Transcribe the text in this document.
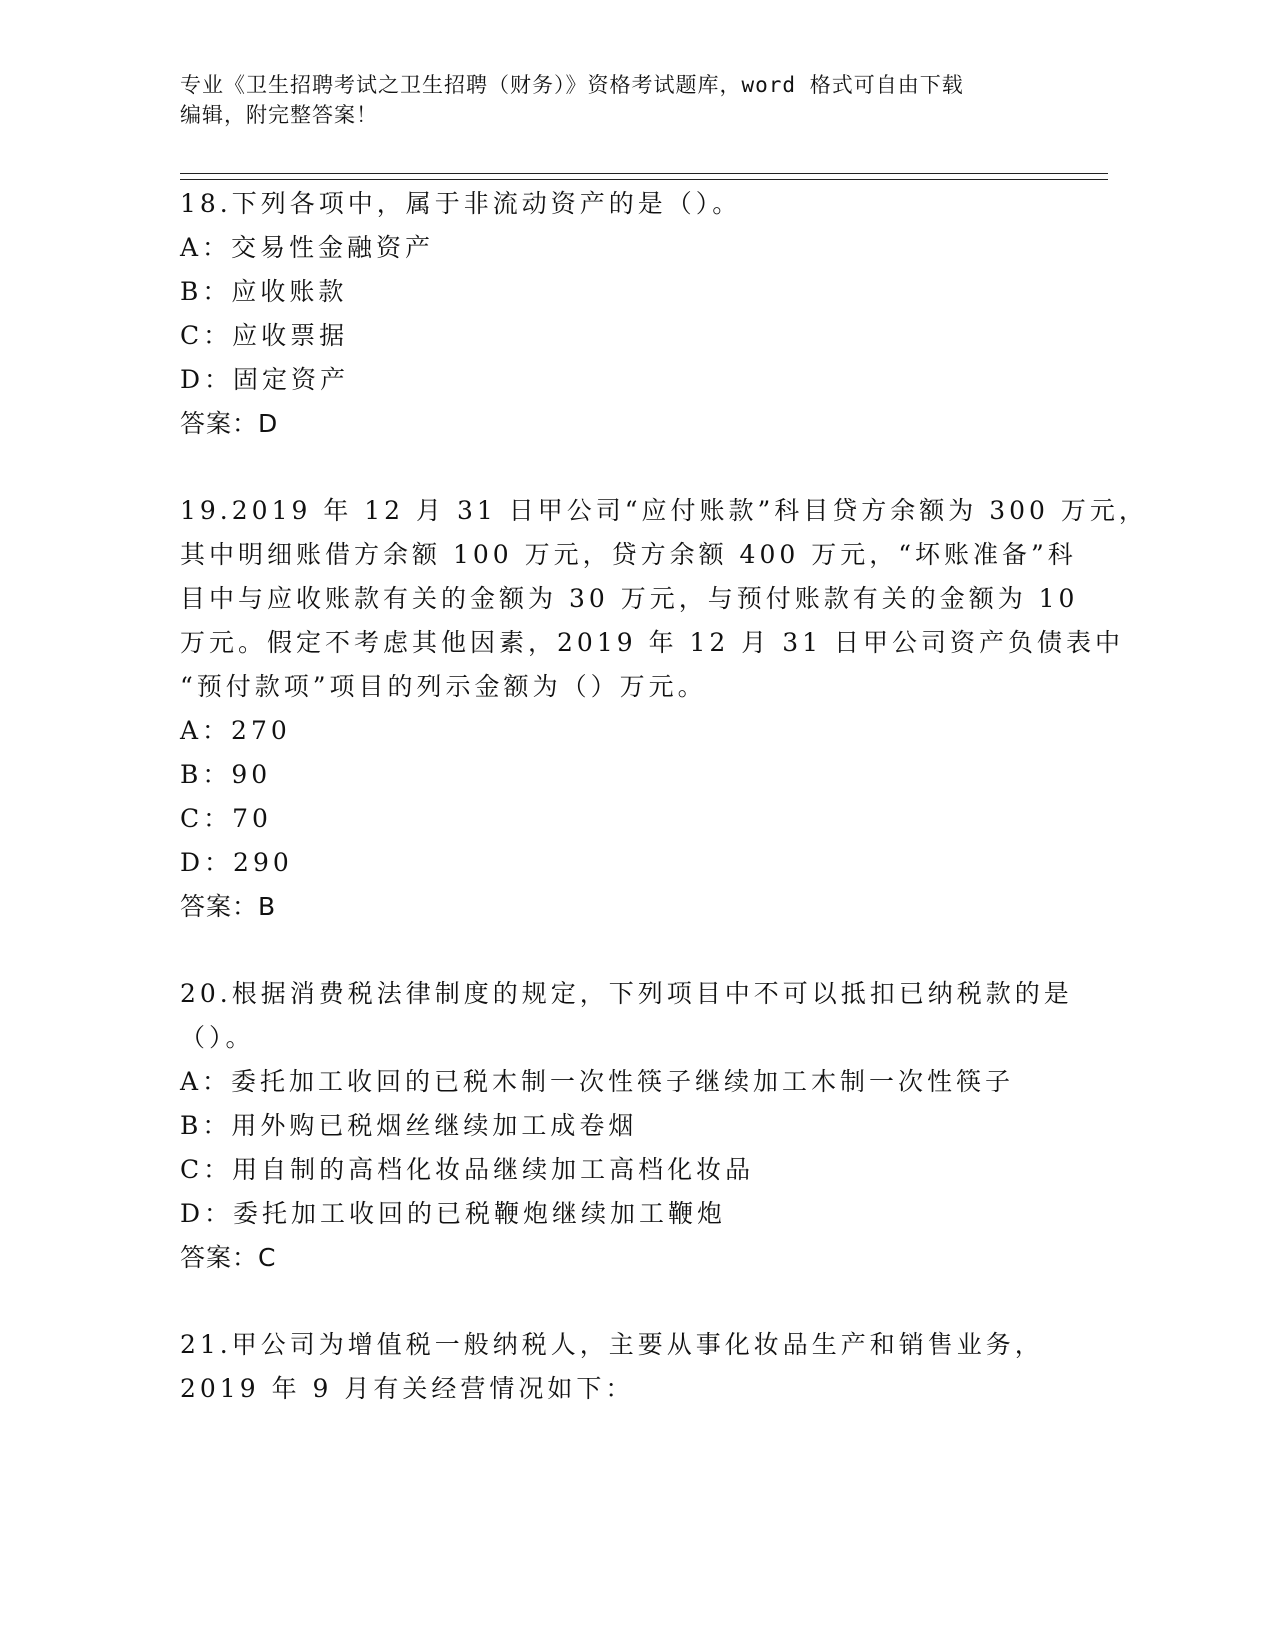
专业《卫生招聘考试之卫生招聘（财务）》资格考试题库，word 格式可自由下载
编辑，附完整答案！
18.下列各项中，属于非流动资产的是（）。
A：交易性金融资产
B：应收账款
C：应收票据
D：固定资产
答案：D
19.2019 年 12 月 31 日甲公司“应付账款”科目贷方余额为 300 万元，
其中明细账借方余额 100 万元，贷方余额 400 万元，“坏账准备”科
目中与应收账款有关的金额为 30 万元，与预付账款有关的金额为 10
万元。假定不考虑其他因素，2019 年 12 月 31 日甲公司资产负债表中
“预付款项”项目的列示金额为（）万元。
A：270
B：90
C：70
D：290
答案：B
20.根据消费税法律制度的规定，下列项目中不可以抵扣已纳税款的是
（）。
A：委托加工收回的已税木制一次性筷子继续加工木制一次性筷子
B：用外购已税烟丝继续加工成卷烟
C：用自制的高档化妆品继续加工高档化妆品
D：委托加工收回的已税鞭炮继续加工鞭炮
答案：C
21.甲公司为增值税一般纳税人，主要从事化妆品生产和销售业务，
2019 年 9 月有关经营情况如下：
